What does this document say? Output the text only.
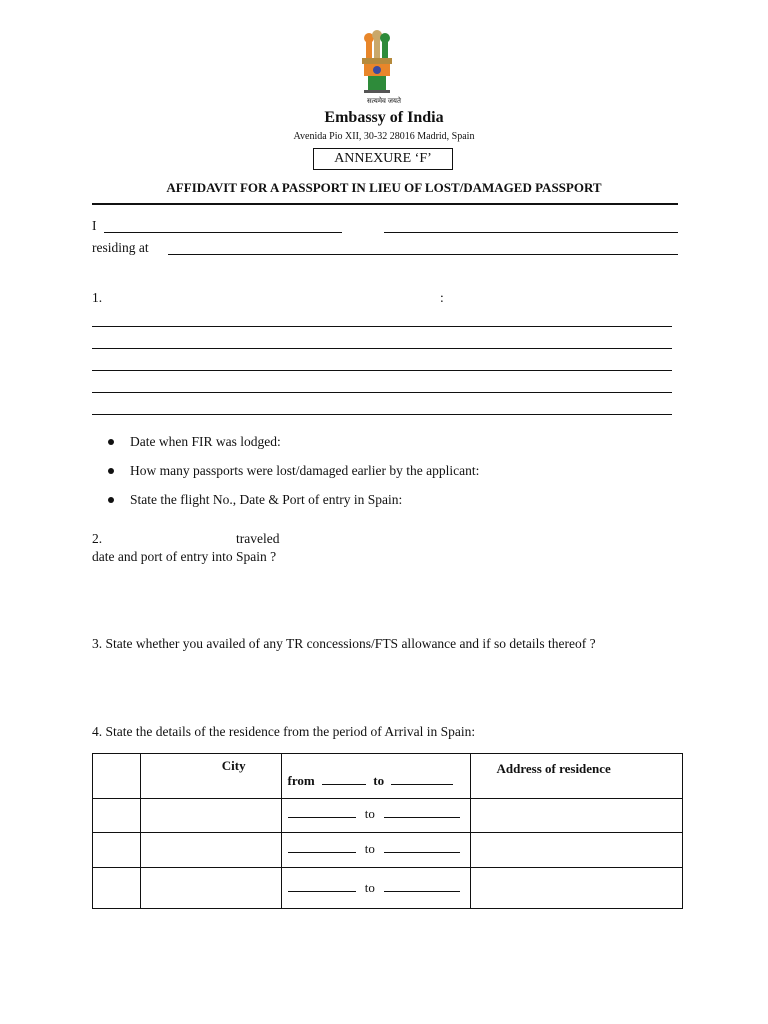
सत्यमेव जयते
Embassy of India
Avenida Pio XII, 30-32 28016 Madrid, Spain
ANNEXURE ‘F’
AFFIDAVIT FOR A PASSPORT IN LIEU OF LOST/DAMAGED PASSPORT
I
residing at
1.	:
Date when FIR was lodged:
How many passports were lost/damaged earlier by the applicant:
State the flight No., Date & Port of entry in Spain:
2.	traveled
date and port of entry into Spain ?
3. State whether you availed of any TR concessions/FTS allowance and if so details thereof ?
4. State the details of the residence from the period of Arrival in Spain:

	City	from to	Address of residence

		to	

		to	

		to	
